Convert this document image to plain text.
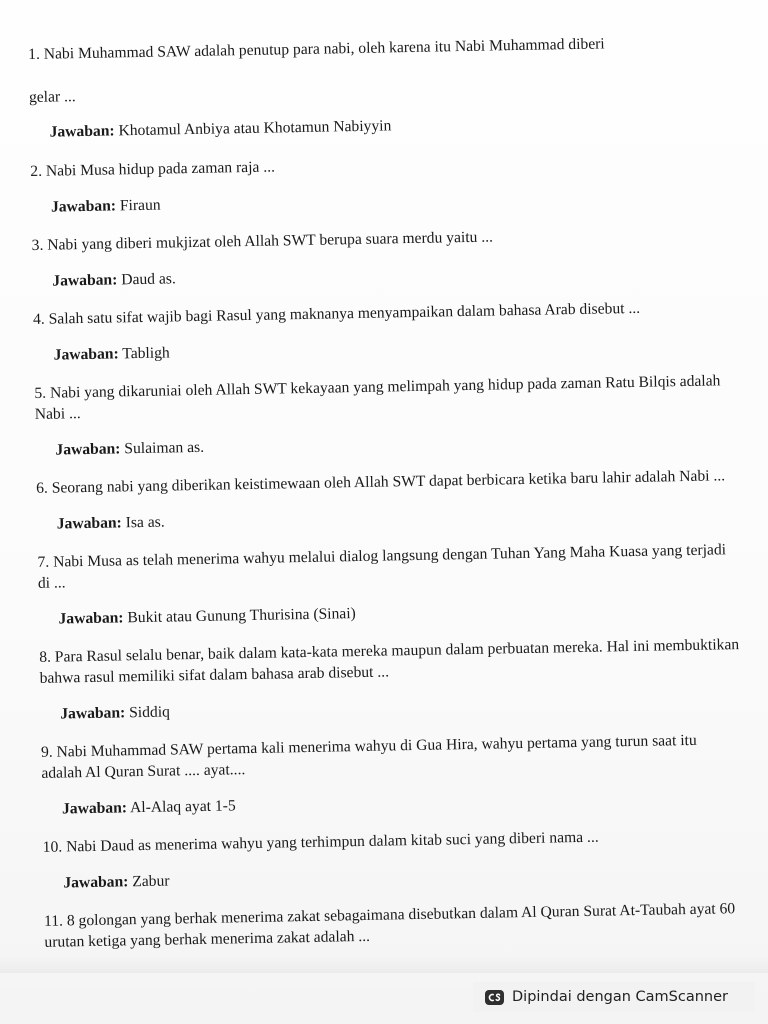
1. Nabi Muhammad SAW adalah penutup para nabi, oleh karena itu Nabi Muhammad diberi

gelar ...

Jawaban: Khotamul Anbiya atau Khotamun Nabiyyin

2. Nabi Musa hidup pada zaman raja ...

Jawaban: Firaun

3. Nabi yang diberi mukjizat oleh Allah SWT berupa suara merdu yaitu ...

Jawaban: Daud as.

4. Salah satu sifat wajib bagi Rasul yang maknanya menyampaikan dalam bahasa Arab disebut ...

Jawaban: Tabligh

5. Nabi yang dikaruniai oleh Allah SWT kekayaan yang melimpah yang hidup pada zaman Ratu Bilqis adalah Nabi ...

Jawaban: Sulaiman as.

6. Seorang nabi yang diberikan keistimewaan oleh Allah SWT dapat berbicara ketika baru lahir adalah Nabi ...

Jawaban: Isa as.

7. Nabi Musa as telah menerima wahyu melalui dialog langsung dengan Tuhan Yang Maha Kuasa yang terjadi di ...

Jawaban: Bukit atau Gunung Thurisina (Sinai)

8. Para Rasul selalu benar, baik dalam kata-kata mereka maupun dalam perbuatan mereka. Hal ini membuktikan bahwa rasul memiliki sifat dalam bahasa arab disebut ...

Jawaban: Siddiq

9. Nabi Muhammad SAW pertama kali menerima wahyu di Gua Hira, wahyu pertama yang turun saat itu adalah Al Quran Surat .... ayat....

Jawaban: Al-Alaq ayat 1-5

10. Nabi Daud as menerima wahyu yang terhimpun dalam kitab suci yang diberi nama ...

Jawaban: Zabur

11. 8 golongan yang berhak menerima zakat sebagaimana disebutkan dalam Al Quran Surat At-Taubah ayat 60 urutan ketiga yang berhak menerima zakat adalah ...

Dipindai dengan CamScanner
